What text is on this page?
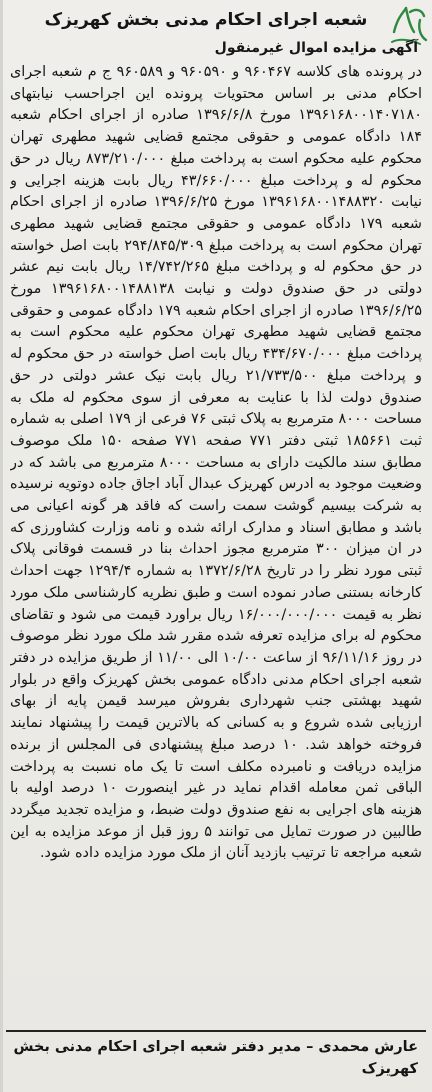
شعبه اجرای احکام مدنی بخش کهریزک
آگهی مزایده اموال غیرمنقول

در پرونده های کلاسه ۹۶۰۴۶۷ و ۹۶۰۵۹۰ و ۹۶۰۵۸۹ ج م شعبه اجرای احکام مدنی بر اساس محتویات پرونده این اجراحسب نیابتهای ۱۳۹۶۱۶۸۰۰۱۴۰۷۱۸۰ مورخ ۱۳۹۶/۶/۸ صادره از اجرای احکام شعبه ۱۸۴ دادگاه عمومی و حقوقی مجتمع قضایی شهید مطهری تهران محکوم علیه محکوم است به پرداخت مبلغ ۸۷۳/۲۱۰/۰۰۰ ریال در حق محکوم له و پرداخت مبلغ ۴۳/۶۶۰/۰۰۰ ریال بابت هزینه اجرایی و نیابت ۱۳۹۶۱۶۸۰۰۱۴۸۸۳۲۰ مورخ ۱۳۹۶/۶/۲۵ صادره از اجرای احکام شعبه ۱۷۹ دادگاه عمومی و حقوقی مجتمع قضایی شهید مطهری تهران محکوم است به پرداخت مبلغ ۲۹۴/۸۴۵/۳۰۹ بابت اصل خواسته در حق محکوم له و پرداخت مبلغ ۱۴/۷۴۲/۲۶۵ ریال بابت نیم عشر دولتی در حق صندوق دولت و نیابت ۱۳۹۶۱۶۸۰۰۱۴۸۸۱۳۸ مورخ ۱۳۹۶/۶/۲۵ صادره از اجرای احکام شعبه ۱۷۹ دادگاه عمومی و حقوقی مجتمع قضایی شهید مطهری تهران محکوم علیه محکوم است به پرداخت مبلغ ۴۳۴/۶۷۰/۰۰۰ ریال بابت اصل خواسته در حق محکوم له و پرداخت مبلغ ۲۱/۷۳۳/۵۰۰ ریال بابت نیک عشر دولتی در حق صندوق دولت لذا با عنایت به معرفی از سوی محکوم له ملک به مساحت ۸۰۰۰ مترمربع به پلاک ثبتی ۷۶ فرعی از ۱۷۹ اصلی به شماره ثبت ۱۸۵۶۶۱ ثبتی دفتر ۷۷۱ صفحه ۷۷۱ صفحه ۱۵۰ ملک موصوف مطابق سند مالکیت دارای به مساحت ۸۰۰۰ مترمربع می باشد که در وضعیت موجود به ادرس کهریزک عبدال آباد اجاق جاده دوتویه نرسیده به شرکت بیسیم گوشت سمت راست که فاقد هر گونه اعیانی می باشد و مطابق اسناد و مدارک ارائه شده و نامه وزارت کشاورزی که در ان میزان ۳۰۰ مترمربع مجوز احداث بنا در قسمت فوقانی پلاک ثبتی مورد نظر را در تاریخ ۱۳۷۲/۶/۲۸ به شماره ۱۲۹۴/۴ جهت احداث کارخانه بستنی صادر نموده است و طبق نظریه کارشناسی ملک مورد نظر به قیمت ۱۶/۰۰۰/۰۰۰/۰۰۰ ریال براورد قیمت می شود و تقاضای محکوم له برای مزایده تعرفه شده مقرر شد ملک مورد نظر موصوف در روز ۹۶/۱۱/۱۶ از ساعت ۱۰/۰۰ الی ۱۱/۰۰ از طریق مزایده در دفتر شعبه اجرای احکام مدنی دادگاه عمومی بخش کهریزک واقع در بلوار شهید بهشتی جنب شهرداری بفروش میرسد قیمن پایه از بهای ارزیابی شده شروع و به کسانی که بالاترین قیمت را پیشنهاد نمایند فروخته خواهد شد. ۱۰ درصد مبلغ پیشنهادی فی المجلس از برنده مزایده دریافت و نامبرده مکلف است تا یک ماه نسبت به پرداخت الباقی ثمن معامله اقدام نماید در غیر اینصورت ۱۰ درصد اولیه با هزینه های اجرایی به نفع صندوق دولت ضبط، و مزایده تجدید میگردد طالبین در صورت تمایل می توانند ۵ روز قبل از موعد مزایده به این شعبه مراجعه تا ترتیب بازدید آنان از ملک مورد مزایده داده شود.

عارش محمدی – مدیر دفتر شعبه اجرای احکام مدنی بخش کهریزک
